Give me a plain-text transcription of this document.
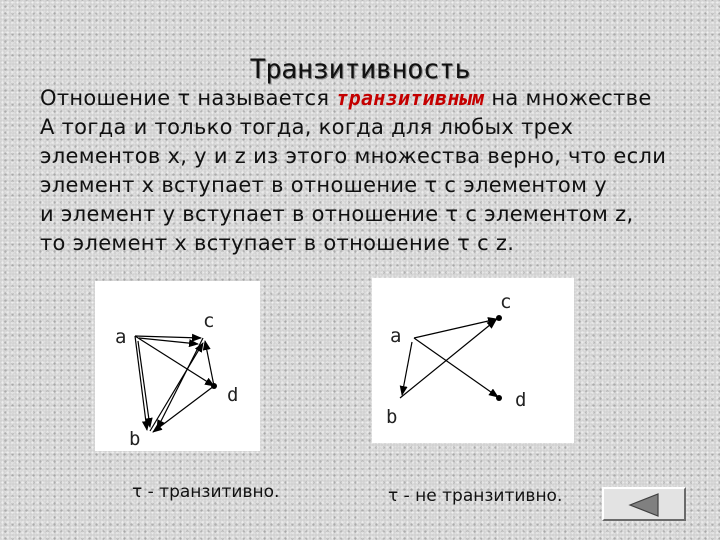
Транзитивность
Отношение τ называется транзитивным на множестве
А тогда и только тогда, когда для любых трех
элементов x, y и z из этого множества верно, что если
элемент x вступает в отношение τ с элементом y
и элемент y вступает в отношение τ с элементом z,
то элемент x вступает в отношение τ с z.
a
c
d
b
a
c
d
b
τ - транзитивно.	τ - не транзитивно.
